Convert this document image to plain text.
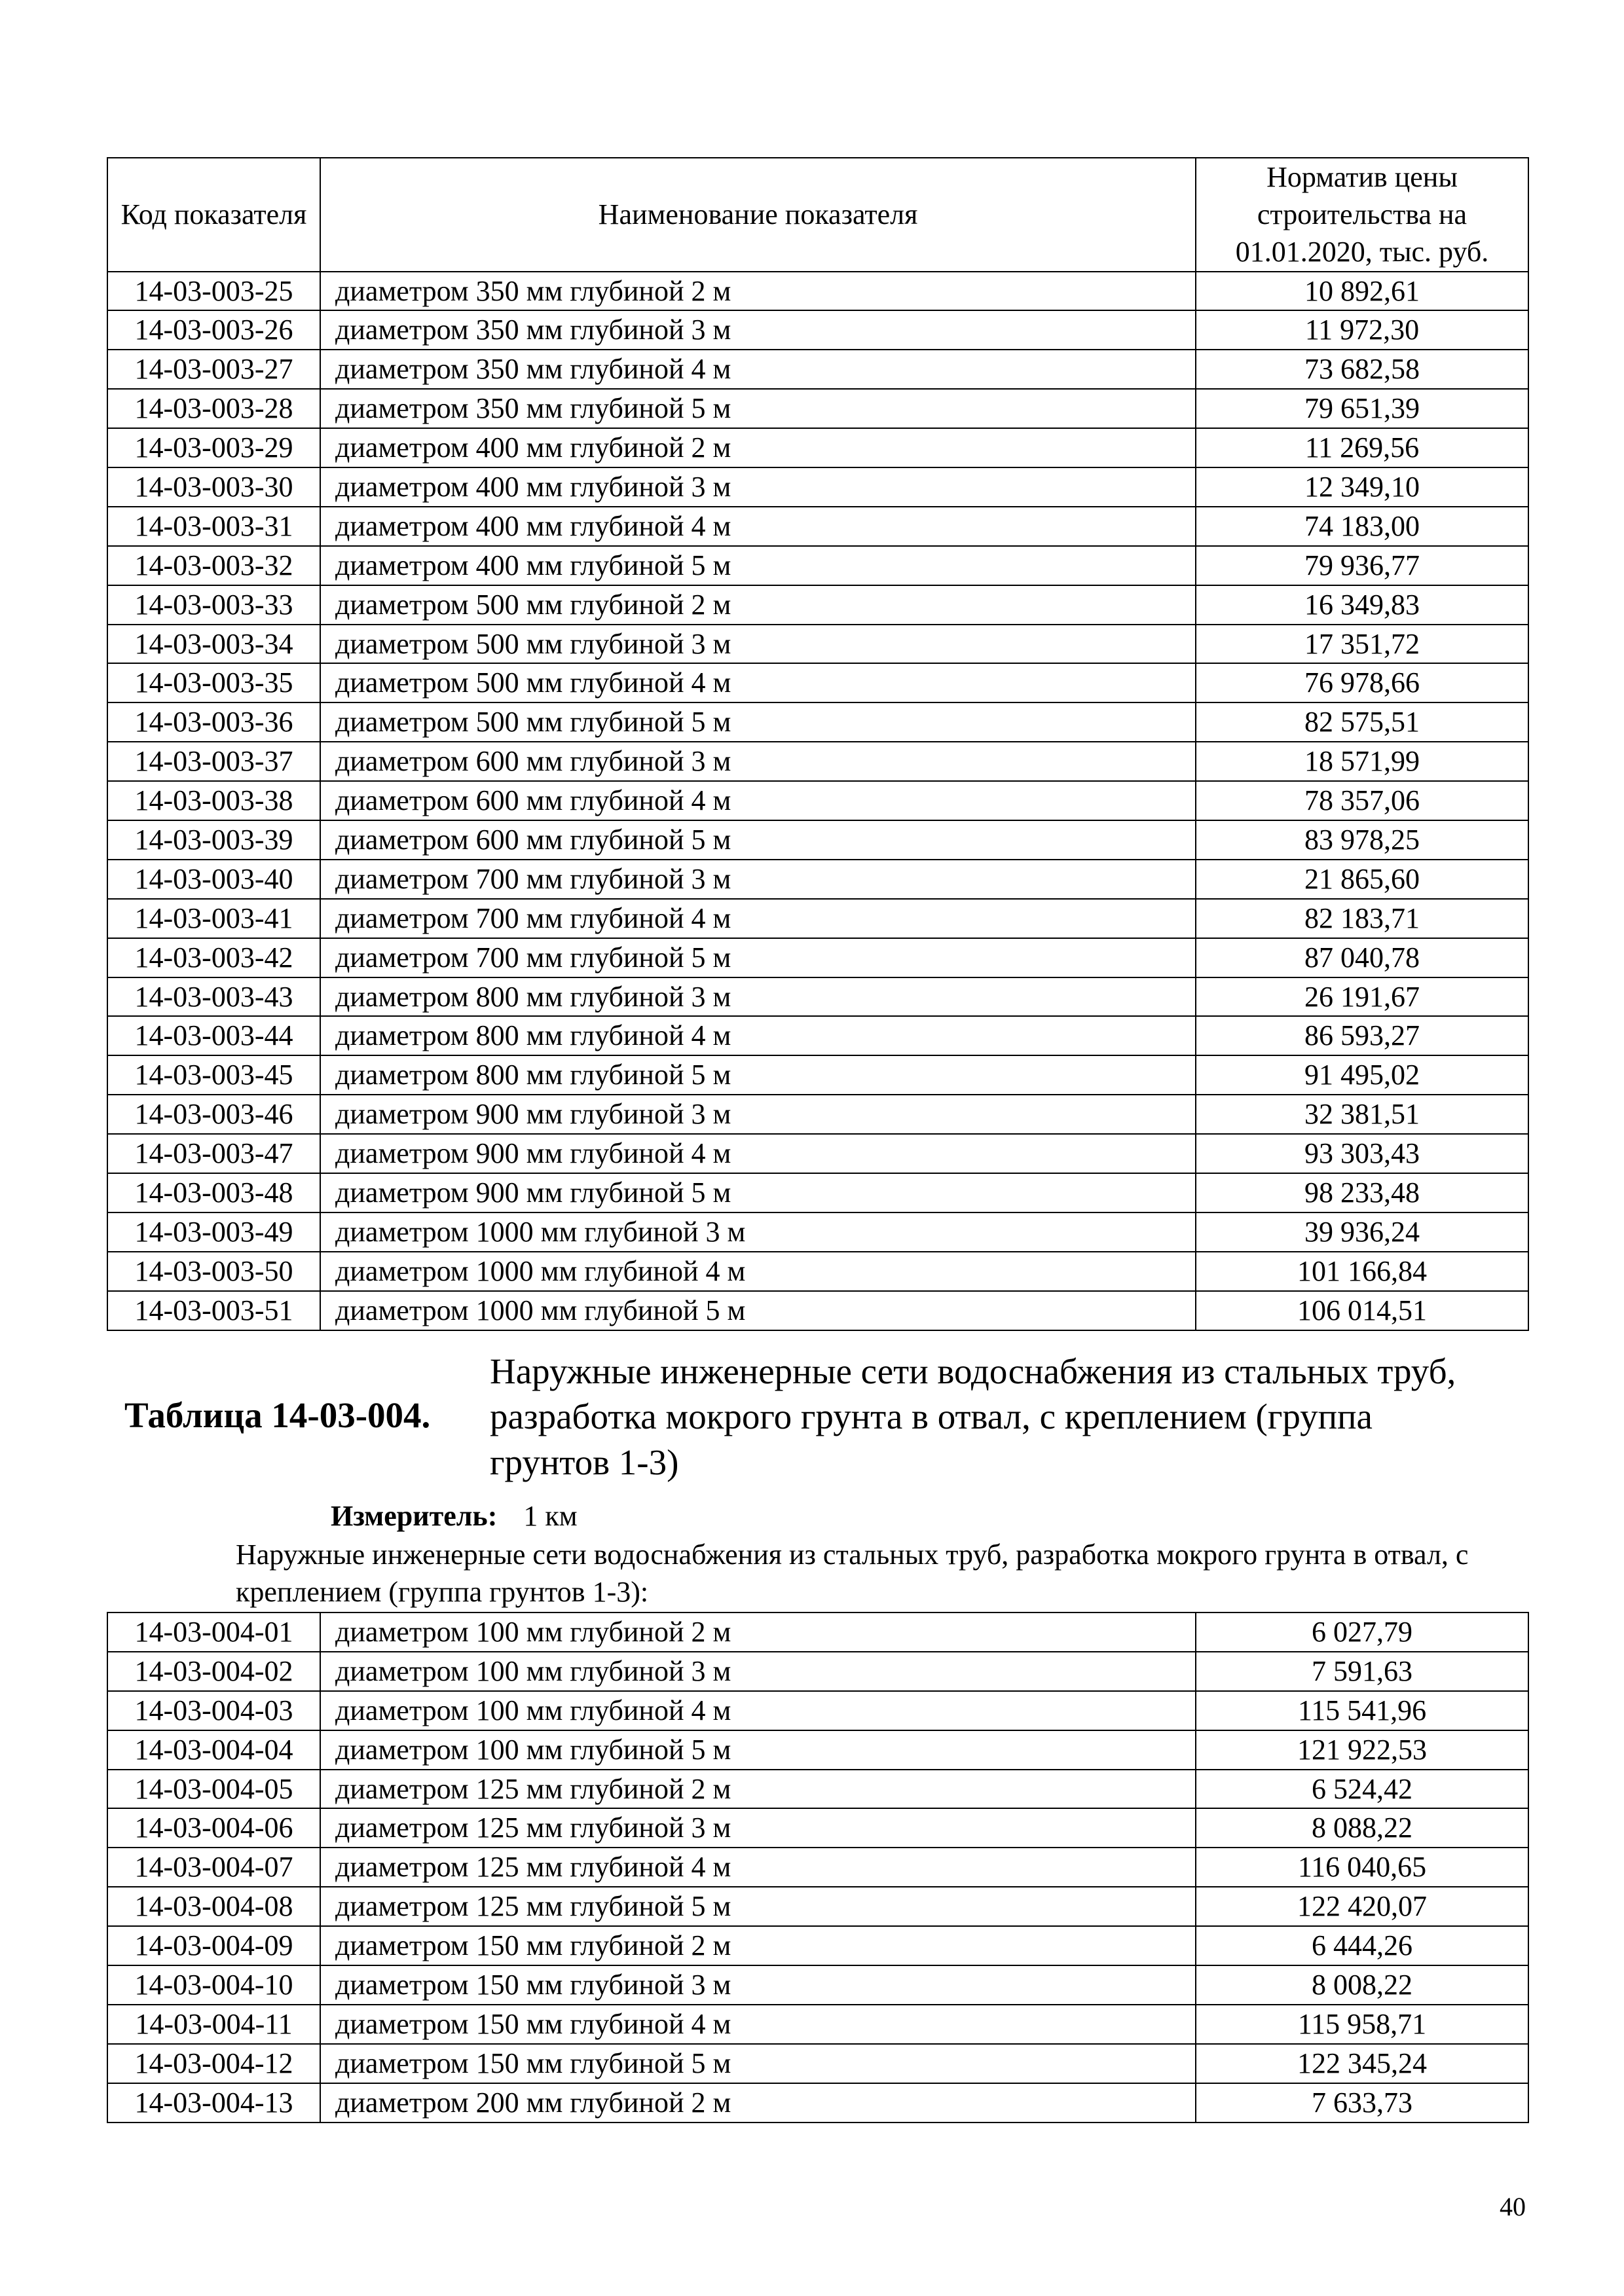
Код показателя	Наименование показателя	Норматив цены строительства на 01.01.2020, тыс. руб.
14-03-003-25	диаметром 350 мм глубиной 2 м	10 892,61
14-03-003-26	диаметром 350 мм глубиной 3 м	11 972,30
14-03-003-27	диаметром 350 мм глубиной 4 м	73 682,58
14-03-003-28	диаметром 350 мм глубиной 5 м	79 651,39
14-03-003-29	диаметром 400 мм глубиной 2 м	11 269,56
14-03-003-30	диаметром 400 мм глубиной 3 м	12 349,10
14-03-003-31	диаметром 400 мм глубиной 4 м	74 183,00
14-03-003-32	диаметром 400 мм глубиной 5 м	79 936,77
14-03-003-33	диаметром 500 мм глубиной 2 м	16 349,83
14-03-003-34	диаметром 500 мм глубиной 3 м	17 351,72
14-03-003-35	диаметром 500 мм глубиной 4 м	76 978,66
14-03-003-36	диаметром 500 мм глубиной 5 м	82 575,51
14-03-003-37	диаметром 600 мм глубиной 3 м	18 571,99
14-03-003-38	диаметром 600 мм глубиной 4 м	78 357,06
14-03-003-39	диаметром 600 мм глубиной 5 м	83 978,25
14-03-003-40	диаметром 700 мм глубиной 3 м	21 865,60
14-03-003-41	диаметром 700 мм глубиной 4 м	82 183,71
14-03-003-42	диаметром 700 мм глубиной 5 м	87 040,78
14-03-003-43	диаметром 800 мм глубиной 3 м	26 191,67
14-03-003-44	диаметром 800 мм глубиной 4 м	86 593,27
14-03-003-45	диаметром 800 мм глубиной 5 м	91 495,02
14-03-003-46	диаметром 900 мм глубиной 3 м	32 381,51
14-03-003-47	диаметром 900 мм глубиной 4 м	93 303,43
14-03-003-48	диаметром 900 мм глубиной 5 м	98 233,48
14-03-003-49	диаметром 1000 мм глубиной 3 м	39 936,24
14-03-003-50	диаметром 1000 мм глубиной 4 м	101 166,84
14-03-003-51	диаметром 1000 мм глубиной 5 м	106 014,51
Таблица 14-03-004.
Наружные инженерные сети водоснабжения из стальных труб, разработка мокрого грунта в отвал, с креплением (группа грунтов 1-3)
Измеритель: 1 км
Наружные инженерные сети водоснабжения из стальных труб, разработка мокрого грунта в отвал, с креплением (группа грунтов 1-3):
14-03-004-01	диаметром 100 мм глубиной 2 м	6 027,79
14-03-004-02	диаметром 100 мм глубиной 3 м	7 591,63
14-03-004-03	диаметром 100 мм глубиной 4 м	115 541,96
14-03-004-04	диаметром 100 мм глубиной 5 м	121 922,53
14-03-004-05	диаметром 125 мм глубиной 2 м	6 524,42
14-03-004-06	диаметром 125 мм глубиной 3 м	8 088,22
14-03-004-07	диаметром 125 мм глубиной 4 м	116 040,65
14-03-004-08	диаметром 125 мм глубиной 5 м	122 420,07
14-03-004-09	диаметром 150 мм глубиной 2 м	6 444,26
14-03-004-10	диаметром 150 мм глубиной 3 м	8 008,22
14-03-004-11	диаметром 150 мм глубиной 4 м	115 958,71
14-03-004-12	диаметром 150 мм глубиной 5 м	122 345,24
14-03-004-13	диаметром 200 мм глубиной 2 м	7 633,73
40
